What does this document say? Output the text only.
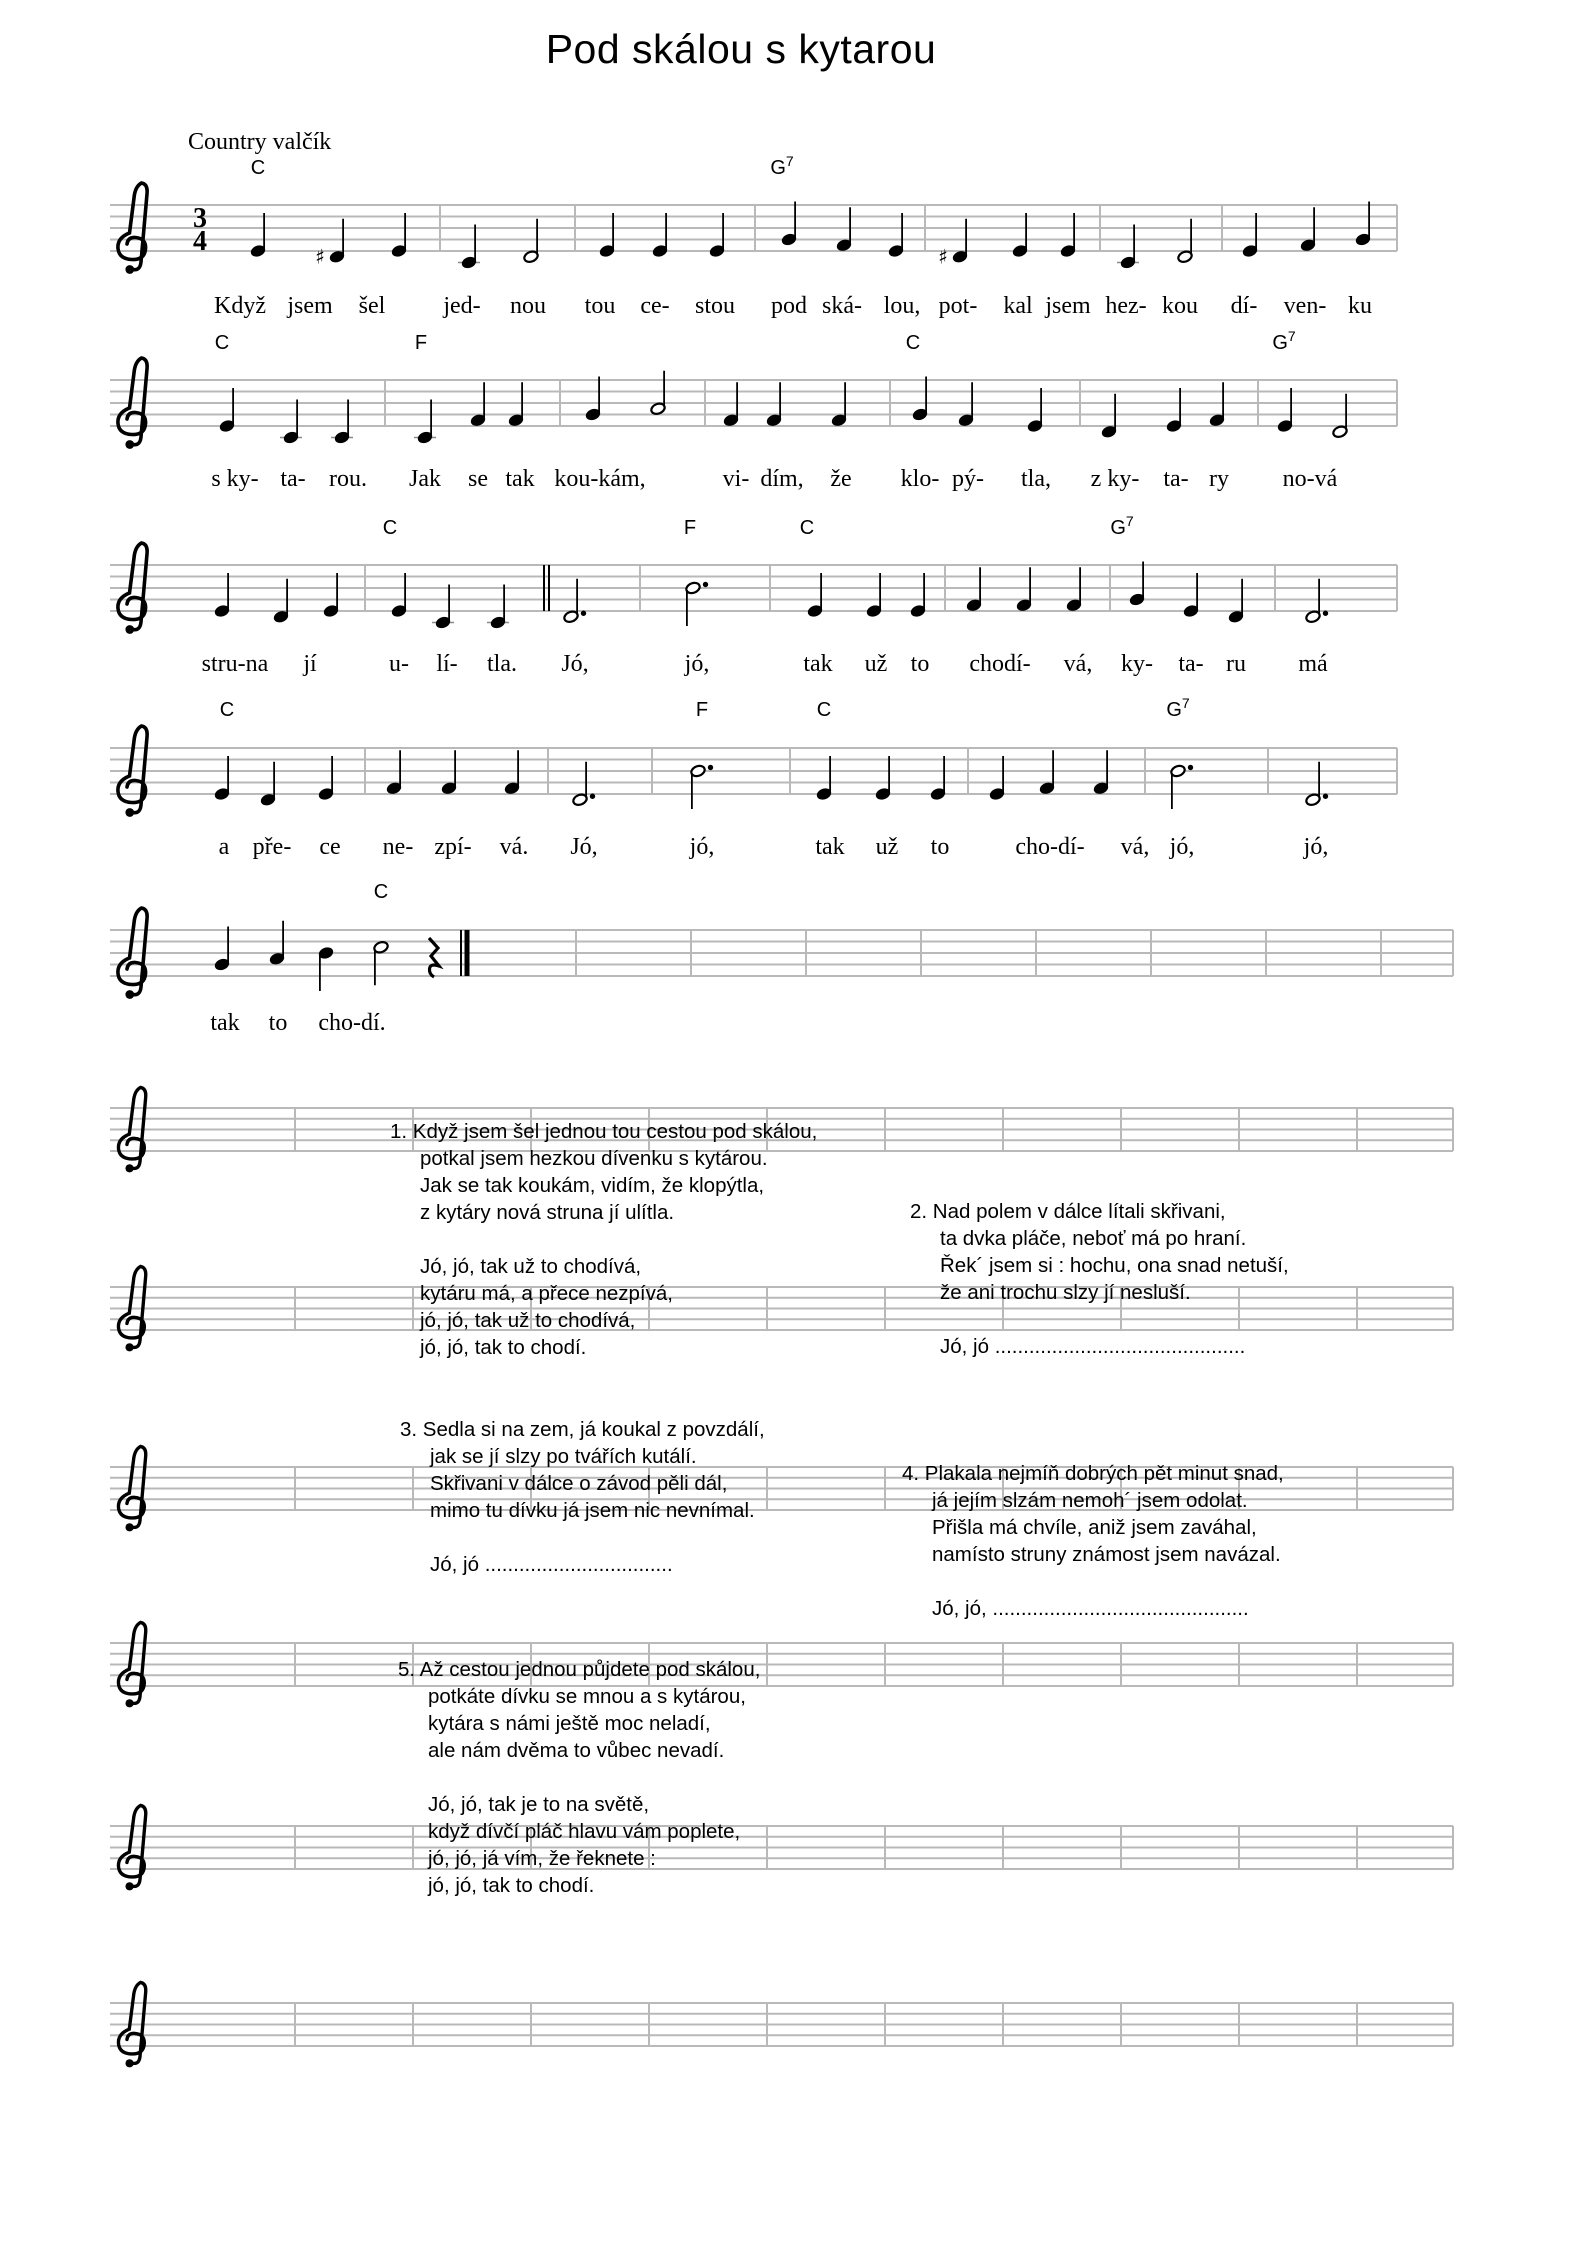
3
4	♯	♯
Pod skálou s kytarou
Country valčík
C	$G^7$
Když jsem šel jed- nou tou ce- stou pod ská- lou, pot- kal jsem hez- kou dí- ven- ku
C	F	C	$G^7$
s ky- ta- rou. Jak se tak kou-kám,	vi- dím, že klo- pý- tla, z ky- ta- ry no-vá
C	F	C	$G^7$
stru-na jí	u- lí- tla. Jó,	jó,	tak už to chodí- vá, ky- ta- ru má
C	F	C	$G^7$
a pře- ce ne- zpí- vá. Jó,	jó,	tak už to	cho-dí- vá, jó,	jó,
C
tak to cho-dí.
1. Když jsem šel jednou tou cestou pod skálou,
potkal jsem hezkou dívenku s kytárou.
Jak se tak koukám, vidím, že klopýtla,
z kytáry nová struna jí ulítla.
Jó, jó, tak už to chodívá,
kytáru má, a přece nezpívá,
jó, jó, tak už to chodívá,
jó, jó, tak to chodí.
2. Nad polem v dálce lítali skřivani,
ta dvka pláče, neboť má po hraní.
Řek´ jsem si : hochu, ona snad netuší,
že ani trochu slzy jí nesluší.
Jó, jó ............................................
3. Sedla si na zem, já koukal z povzdálí,
jak se jí slzy po tvářích kutálí.
Skřivani v dálce o závod pěli dál,
mimo tu dívku já jsem nic nevnímal.
Jó, jó .................................
4. Plakala nejmíň dobrých pět minut snad,
já jejím slzám nemoh´ jsem odolat.
Přišla má chvíle, aniž jsem zaváhal,
namísto struny známost jsem navázal.
Jó, jó, .............................................
5. Až cestou jednou půjdete pod skálou,
potkáte dívku se mnou a s kytárou,
kytára s námi ještě moc neladí,
ale nám dvěma to vůbec nevadí.
Jó, jó, tak je to na světě,
když dívčí pláč hlavu vám poplete,
jó, jó, já vím, že řeknete :
jó, jó, tak to chodí.
